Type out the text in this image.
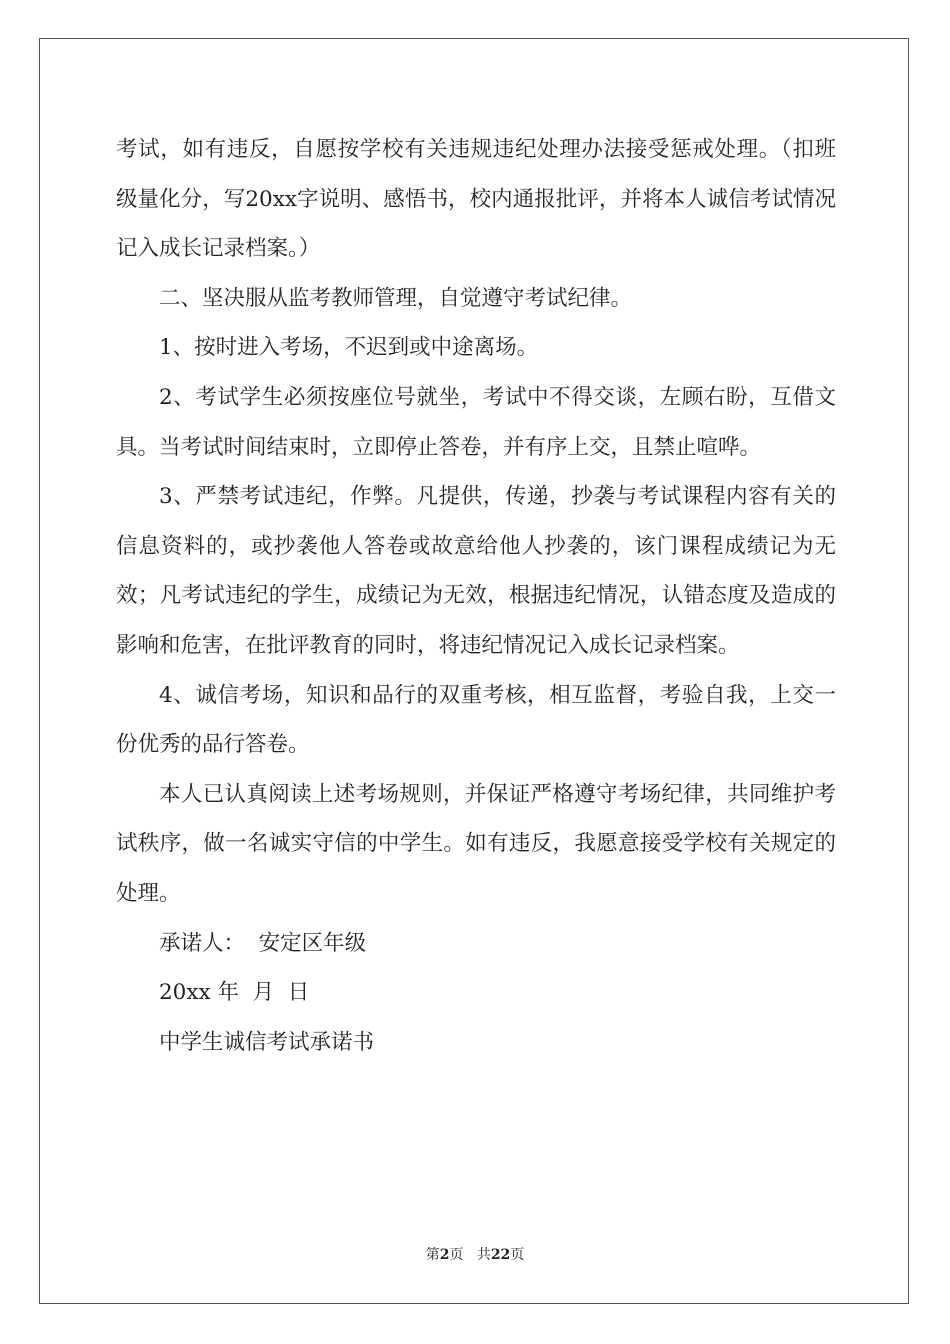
考试，如有违反，自愿按学校有关违规违纪处理办法接受惩戒处理。（扣班级量化分，写20xx字说明、感悟书，校内通报批评，并将本人诚信考试情况记入成长记录档案。）

二、坚决服从监考教师管理，自觉遵守考试纪律。

1、按时进入考场，不迟到或中途离场。

2、考试学生必须按座位号就坐，考试中不得交谈，左顾右盼，互借文具。当考试时间结束时，立即停止答卷，并有序上交，且禁止喧哗。

3、严禁考试违纪，作弊。凡提供，传递，抄袭与考试课程内容有关的信息资料的，或抄袭他人答卷或故意给他人抄袭的，该门课程成绩记为无效；凡考试违纪的学生，成绩记为无效，根据违纪情况，认错态度及造成的影响和危害，在批评教育的同时，将违纪情况记入成长记录档案。

4、诚信考场，知识和品行的双重考核，相互监督，考验自我，上交一份优秀的品行答卷。

本人已认真阅读上述考场规则，并保证严格遵守考场纪律，共同维护考试秩序，做一名诚实守信的中学生。如有违反，我愿意接受学校有关规定的处理。

承诺人：  安定区年级

20xx 年  月  日

中学生诚信考试承诺书

第2页 共22页
